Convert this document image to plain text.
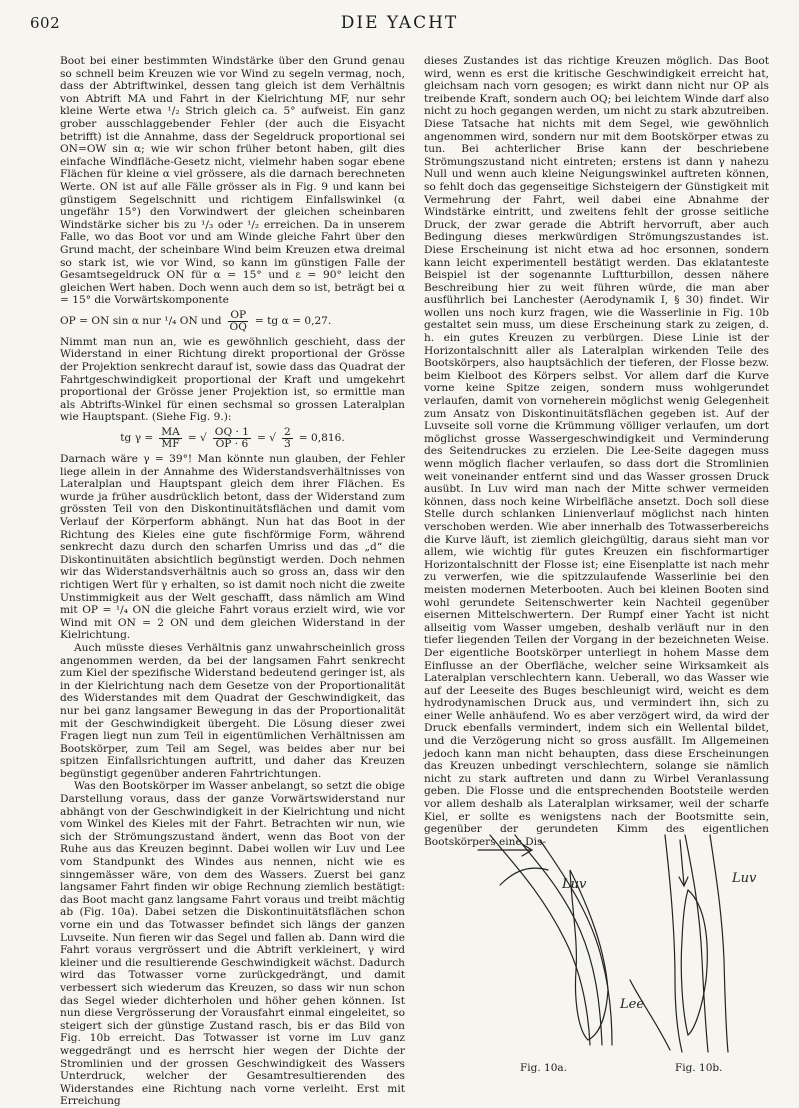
602	DIE YACHT

Boot bei einer bestimmten Windstärke über den Grund genau so schnell beim Kreuzen wie vor Wind zu segeln vermag, noch, dass der Abtriftwinkel, dessen tang gleich ist dem Verhältnis von Abtrift MA und Fahrt in der Kielrichtung MF, nur sehr kleine Werte etwa ¹/₂ Strich gleich ca. 5° aufweist. Ein ganz grober ausschlaggebender Fehler (der auch die Eisyacht betrifft) ist die Annahme, dass der Segeldruck proportional sei ON=OW sin α; wie wir schon früher betont haben, gilt dies einfache Windfläche-Gesetz nicht, vielmehr haben sogar ebene Flächen für kleine α viel grössere, als die darnach berechneten Werte. ON ist auf alle Fälle grösser als in Fig. 9 und kann bei günstigem Segelschnitt und richtigem Einfallswinkel (α ungefähr 15°) den Vorwindwert der gleichen scheinbaren Windstärke sicher bis zu ¹/₃ oder ¹/₂ erreichen. Da in unserem Falle, wo das Boot vor und am Winde gleiche Fahrt über den Grund macht, der scheinbare Wind beim Kreuzen etwa dreimal so stark ist, wie vor Wind, so kann im günstigen Falle der Gesamtsegeldruck ON für α = 15° und ε = 90° leicht den gleichen Wert haben. Doch wenn auch dem so ist, beträgt bei α = 15° die Vorwärtskomponente

OP = ON sin α nur ¹/₄ ON und $\frac{OP}{OQ}$ = tg α = 0,27.

Nimmt man nun an, wie es gewöhnlich geschieht, dass der Widerstand in einer Richtung direkt proportional der Grösse der Projektion senkrecht darauf ist, sowie dass das Quadrat der Fahrtgeschwindigkeit proportional der Kraft und umgekehrt proportional der Grösse jener Projektion ist, so ermittle man als Abtrifts-Winkel für einen sechsmal so grossen Lateralplan wie Hauptspant. (Siehe Fig. 9.):

tg $\gamma = \frac{MA}{MF}$ = √ $\frac{OQ \cdot 1}{OP \cdot 6}$ = √ $\frac{2}{3} = 0,816$.

Darnach wäre γ = 39°! Man könnte nun glauben, der Fehler liege allein in der Annahme des Widerstandsverhältnisses von Lateralplan und Hauptspant gleich dem ihrer Flächen. Es wurde ja früher ausdrücklich betont, dass der Widerstand zum grössten Teil von den Diskontinuitätsflächen und damit vom Verlauf der Körperform abhängt. Nun hat das Boot in der Richtung des Kieles eine gute fischförmige Form, während senkrecht dazu durch den scharfen Umriss und das „d“ die Diskontinuitäten absichtlich begünstigt werden. Doch nehmen wir das Widerstandsverhältnis auch so gross an, dass wir den richtigen Wert für γ erhalten, so ist damit noch nicht die zweite Unstimmigkeit aus der Welt geschafft, dass nämlich am Wind mit OP = ¹/₄ ON die gleiche Fahrt voraus erzielt wird, wie vor Wind mit ON = 2 ON und dem gleichen Widerstand in der Kielrichtung.

Auch müsste dieses Verhältnis ganz unwahrscheinlich gross angenommen werden, da bei der langsamen Fahrt senkrecht zum Kiel der spezifische Widerstand bedeutend geringer ist, als in der Kielrichtung nach dem Gesetze von der Proportionalität des Widerstandes mit dem Quadrat der Geschwindigkeit, das nur bei ganz langsamer Bewegung in das der Proportionalität mit der Geschwindigkeit übergeht. Die Lösung dieser zwei Fragen liegt nun zum Teil in eigentümlichen Verhältnissen am Bootskörper, zum Teil am Segel, was beides aber nur bei spitzen Einfallsrichtungen auftritt, und daher das Kreuzen begünstigt gegenüber anderen Fahrtrichtungen.

Was den Bootskörper im Wasser anbelangt, so setzt die obige Darstellung voraus, dass der ganze Vorwärtswiderstand nur abhängt von der Geschwindigkeit in der Kielrichtung und nicht vom Winkel des Kieles mit der Fahrt. Betrachten wir nun, wie sich der Strömungszustand ändert, wenn das Boot von der Ruhe aus das Kreuzen beginnt. Dabei wollen wir Luv und Lee vom Standpunkt des Windes aus nennen, nicht wie es sinngemässer wäre, von dem des Wassers. Zuerst bei ganz langsamer Fahrt finden wir obige Rechnung ziemlich bestätigt: das Boot macht ganz langsame Fahrt voraus und treibt mächtig ab (Fig. 10a). Dabei setzen die Diskontinuitätsflächen schon vorne ein und das Totwasser befindet sich längs der ganzen Luvseite. Nun fieren wir das Segel und fallen ab. Dann wird die Fahrt voraus vergrössert und die Abtrift verkleinert, γ wird kleiner und die resultierende Geschwindigkeit wächst. Dadurch wird das Totwasser vorne zurückgedrängt, und damit verbessert sich wiederum das Kreuzen, so dass wir nun schon das Segel wieder dichterholen und höher gehen können. Ist nun diese Vergrösserung der Vorausfahrt einmal eingeleitet, so steigert sich der günstige Zustand rasch, bis er das Bild von Fig. 10b erreicht. Das Totwasser ist vorne im Luv ganz weggedrängt und es herrscht hier wegen der Dichte der Stromlinien und der grossen Geschwindigkeit des Wassers Unterdruck, welcher der Gesamtresultierenden des Widerstandes eine Richtung nach vorne verleiht. Erst mit Erreichung

dieses Zustandes ist das richtige Kreuzen möglich. Das Boot wird, wenn es erst die kritische Geschwindigkeit erreicht hat, gleichsam nach vorn gesogen; es wirkt dann nicht nur OP als treibende Kraft, sondern auch OQ; bei leichtem Winde darf also nicht zu hoch gegangen werden, um nicht zu stark abzutreiben. Diese Tatsache hat nichts mit dem Segel, wie gewöhnlich angenommen wird, sondern nur mit dem Bootskörper etwas zu tun. Bei achterlicher Brise kann der beschriebene Strömungszustand nicht eintreten; erstens ist dann γ nahezu Null und wenn auch kleine Neigungswinkel auftreten können, so fehlt doch das gegenseitige Sichsteigern der Günstigkeit mit Vermehrung der Fahrt, weil dabei eine Abnahme der Windstärke eintritt, und zweitens fehlt der grosse seitliche Druck, der zwar gerade die Abtrift hervorruft, aber auch Bedingung dieses merkwürdigen Strömungszustandes ist. Diese Erscheinung ist nicht etwa ad hoc ersonnen, sondern kann leicht experimentell bestätigt werden. Das eklatanteste Beispiel ist der sogenannte Luftturbillon, dessen nähere Beschreibung hier zu weit führen würde, die man aber ausführlich bei Lanchester (Aerodynamik I, § 30) findet. Wir wollen uns noch kurz fragen, wie die Wasserlinie in Fig. 10b gestaltet sein muss, um diese Erscheinung stark zu zeigen, d. h. ein gutes Kreuzen zu verbürgen. Diese Linie ist der Horizontalschnitt aller als Lateralplan wirkenden Teile des Bootskörpers, also hauptsächlich der tieferen, der Flosse bezw. beim Kielboot des Körpers selbst. Vor allem darf die Kurve vorne keine Spitze zeigen, sondern muss wohlgerundet verlaufen, damit von vorneherein möglichst wenig Gelegenheit zum Ansatz von Diskontinuitätsflächen gegeben ist. Auf der Luvseite soll vorne die Krümmung völliger verlaufen, um dort möglichst grosse Wassergeschwindigkeit und Verminderung des Seitendruckes zu erzielen. Die Lee-Seite dagegen muss wenn möglich flacher verlaufen, so dass dort die Stromlinien weit voneinander entfernt sind und das Wasser grossen Druck ausübt. In Luv wird man nach der Mitte schwer vermeiden können, dass noch keine Wirbelfläche ansetzt. Doch soll diese Stelle durch schlanken Linienverlauf möglichst nach hinten verschoben werden. Wie aber innerhalb des Totwasserbereichs die Kurve läuft, ist ziemlich gleichgültig, daraus sieht man vor allem, wie wichtig für gutes Kreuzen ein fischformartiger Horizontalschnitt der Flosse ist; eine Eisenplatte ist nach mehr zu verwerfen, wie die spitzzulaufende Wasserlinie bei den meisten modernen Meterbooten. Auch bei kleinen Booten sind wohl gerundete Seitenschwerter kein Nachteil gegenüber eisernen Mittelschwertern. Der Rumpf einer Yacht ist nicht allseitig vom Wasser umgeben, deshalb verläuft nur in den tiefer liegenden Teilen der Vorgang in der bezeichneten Weise. Der eigentliche Bootskörper unterliegt in hohem Masse dem Einflusse an der Oberfläche, welcher seine Wirksamkeit als Lateralplan verschlechtern kann. Ueberall, wo das Wasser wie auf der Leeseite des Buges beschleunigt wird, weicht es dem hydrodynamischen Druck aus, und vermindert ihn, sich zu einer Welle anhäufend. Wo es aber verzögert wird, da wird der Druck ebenfalls vermindert, indem sich ein Wellental bildet, und die Verzögerung nicht so gross ausfällt. Im Allgemeinen jedoch kann man nicht behaupten, dass diese Erscheinungen das Kreuzen unbedingt verschlechtern, solange sie nämlich nicht zu stark auftreten und dann zu Wirbel Veranlassung geben. Die Flosse und die entsprechenden Bootsteile werden vor allem deshalb als Lateralplan wirksamer, weil der scharfe Kiel, er sollte es wenigstens nach der Bootsmitte sein, gegenüber der gerundeten Kimm des eigentlichen Bootskörpers eine Dis-

Luv	Luv
Lee
Fig. 10a.	Fig. 10b.
